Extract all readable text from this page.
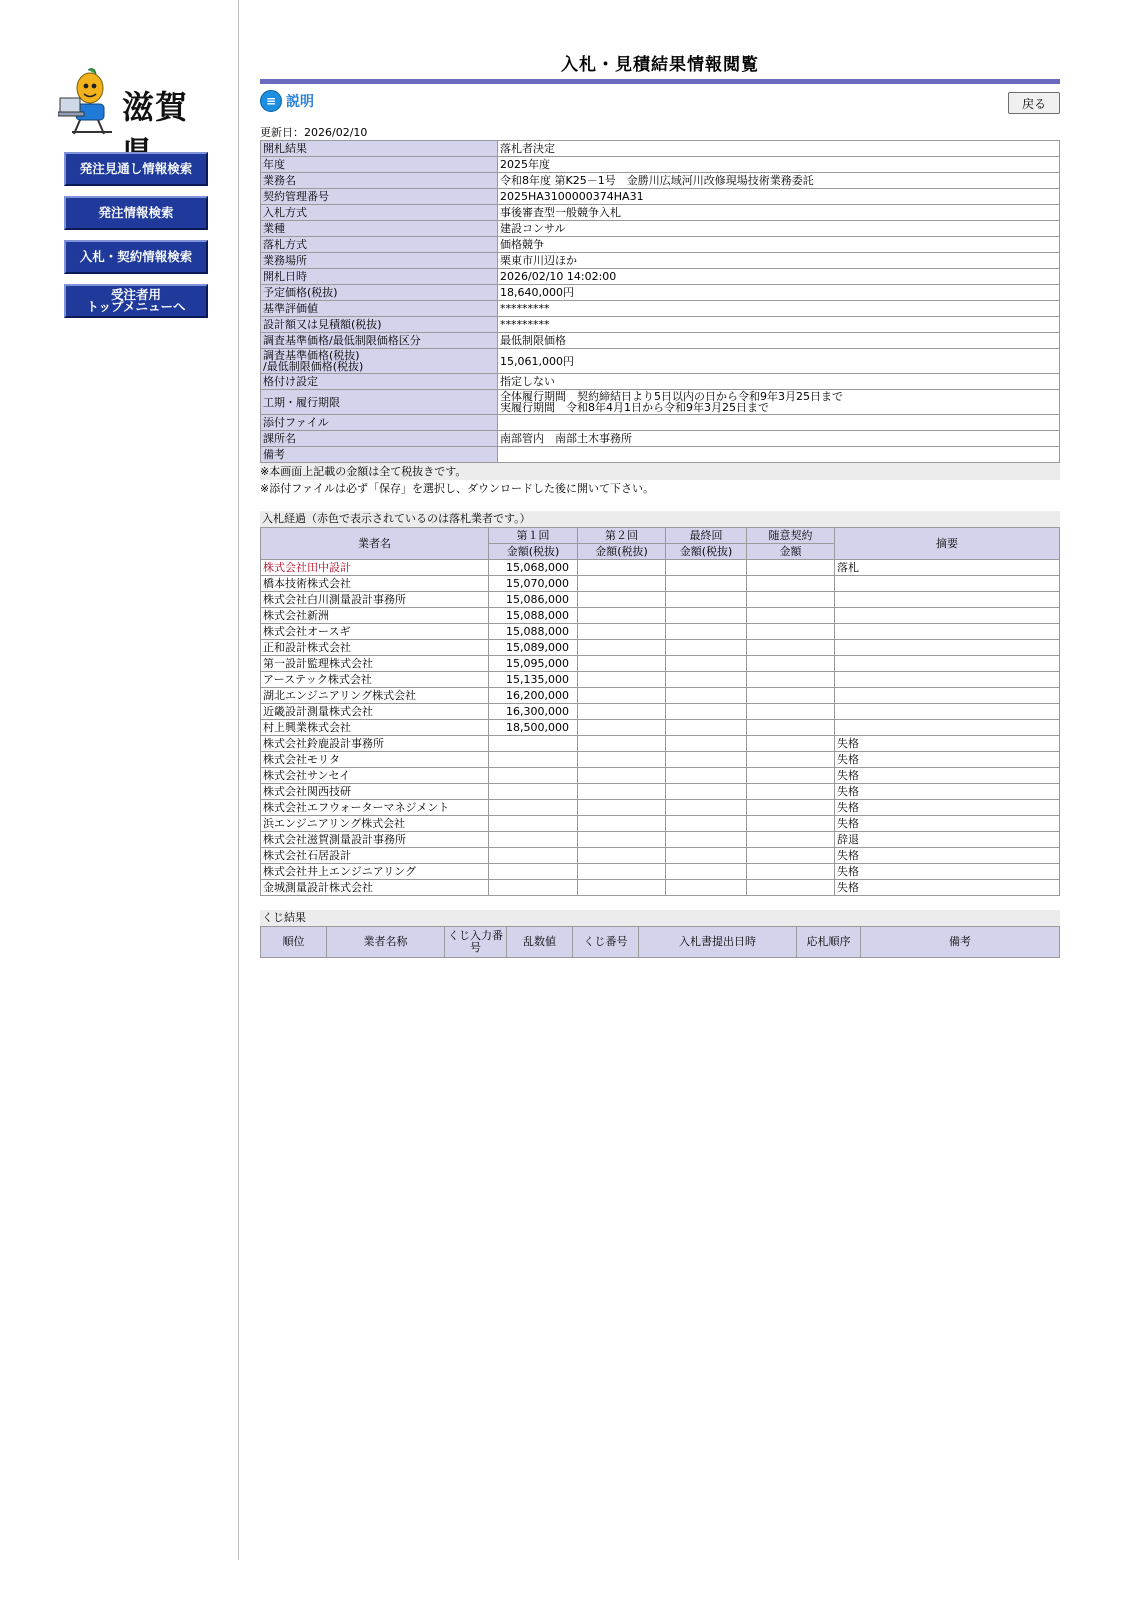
滋賀
発注見通し情報検索
発注情報検索
入札・契約情報検索
受注者用
トップメニューへ
入札・見積結果情報閲覧
≡ 説明	戻る
更新日：2026/02/10
開札結果	落札者決定
年度	2025年度
業務名	令和8年度 第K25－1号　金勝川広域河川改修現場技術業務委託
契約管理番号	2025HA3100000374HA31
入札方式	事後審査型一般競争入札
業種	建設コンサル
落札方式	価格競争
業務場所	栗東市川辺ほか
開札日時	2026/02/10 14:02:00
予定価格(税抜)	18,640,000円
基準評価値	*********
設計額又は見積額(税抜)	*********
調査基準価格/最低制限価格区分	最低制限価格
調査基準価格(税抜)
/最低制限価格(税抜)	15,061,000円
格付け設定	指定しない
工期・履行期限	全体履行期間　契約締結日より5日以内の日から令和9年3月25日まで
実履行期間　令和8年4月1日から令和9年3月25日まで
添付ファイル	
課所名	南部管内　南部土木事務所
備考	
※本画面上記載の金額は全て税抜きです。
※添付ファイルは必ず「保存」を選択し、ダウンロードした後に開いて下さい。
入札経過（赤色で表示されているのは落札業者です。）
業者名	第１回	第２回	最終回	随意契約	摘要
	金額(税抜)	金額(税抜)	金額(税抜)	金額	
株式会社田中設計	15,068,000				落札
橋本技術株式会社	15,070,000				
株式会社白川測量設計事務所	15,086,000				
株式会社新洲	15,088,000				
株式会社オースギ	15,088,000				
正和設計株式会社	15,089,000				
第一設計監理株式会社	15,095,000				
アーステック株式会社	15,135,000				
湖北エンジニアリング株式会社	16,200,000				
近畿設計測量株式会社	16,300,000				
村上興業株式会社	18,500,000				
株式会社鈴鹿設計事務所					失格
株式会社モリタ					失格
株式会社サンセイ					失格
株式会社関西技研					失格
株式会社エフウォーターマネジメント					失格
浜エンジニアリング株式会社					失格
株式会社滋賀測量設計事務所					辞退
株式会社石居設計					失格
株式会社井上エンジニアリング					失格
金城測量設計株式会社					失格
くじ結果
順位	業者名称	くじ入力番号	乱数値	くじ番号	入札書提出日時	応札順序	備考
